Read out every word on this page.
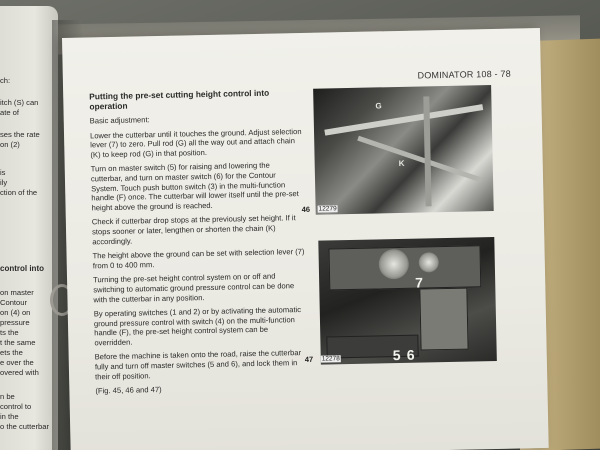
ch:
itch (S) can
ate of
ses the rate
on (2)
is
ily
ction of the
control into
on master
Contour
on (4) on
pressure
ts the
t the same
ets the
e over the
overed with
n be
control to
in the
o the cutterbar
DOMINATOR 108 - 78
Putting the pre-set cutting height control into operation

Basic adjustment:

Lower the cutterbar until it touches the ground. Adjust selection lever (7) to zero. Pull rod (G) all the way out and attach chain (K) to keep rod (G) in that position.

Turn on master switch (5) for raising and lowering the cutterbar, and turn on master switch (6) for the Contour System. Touch push button switch (3) in the multi-function handle (F) once. The cutterbar will lower itself until the pre-set height above the ground is reached.

Check if cutterbar drop stops at the previously set height. If it stops sooner or later, lengthen or shorten the chain (K) accordingly.

The height above the ground can be set with selection lever (7) from 0 to 400 mm.

Turning the pre-set height control system on or off and switching to automatic ground pressure control can be done with the cutterbar in any position.

By operating switches (1 and 2) or by activating the automatic ground pressure control with switch (4) on the multi-function handle (F), the pre-set height control system can be overridden.

Before the machine is taken onto the road, raise the cutterbar fully and turn off master switches (5 and 6), and lock them in their off position.

(Fig. 45, 46 and 47)

G
K
46 12279
7
5 6
47 12278
